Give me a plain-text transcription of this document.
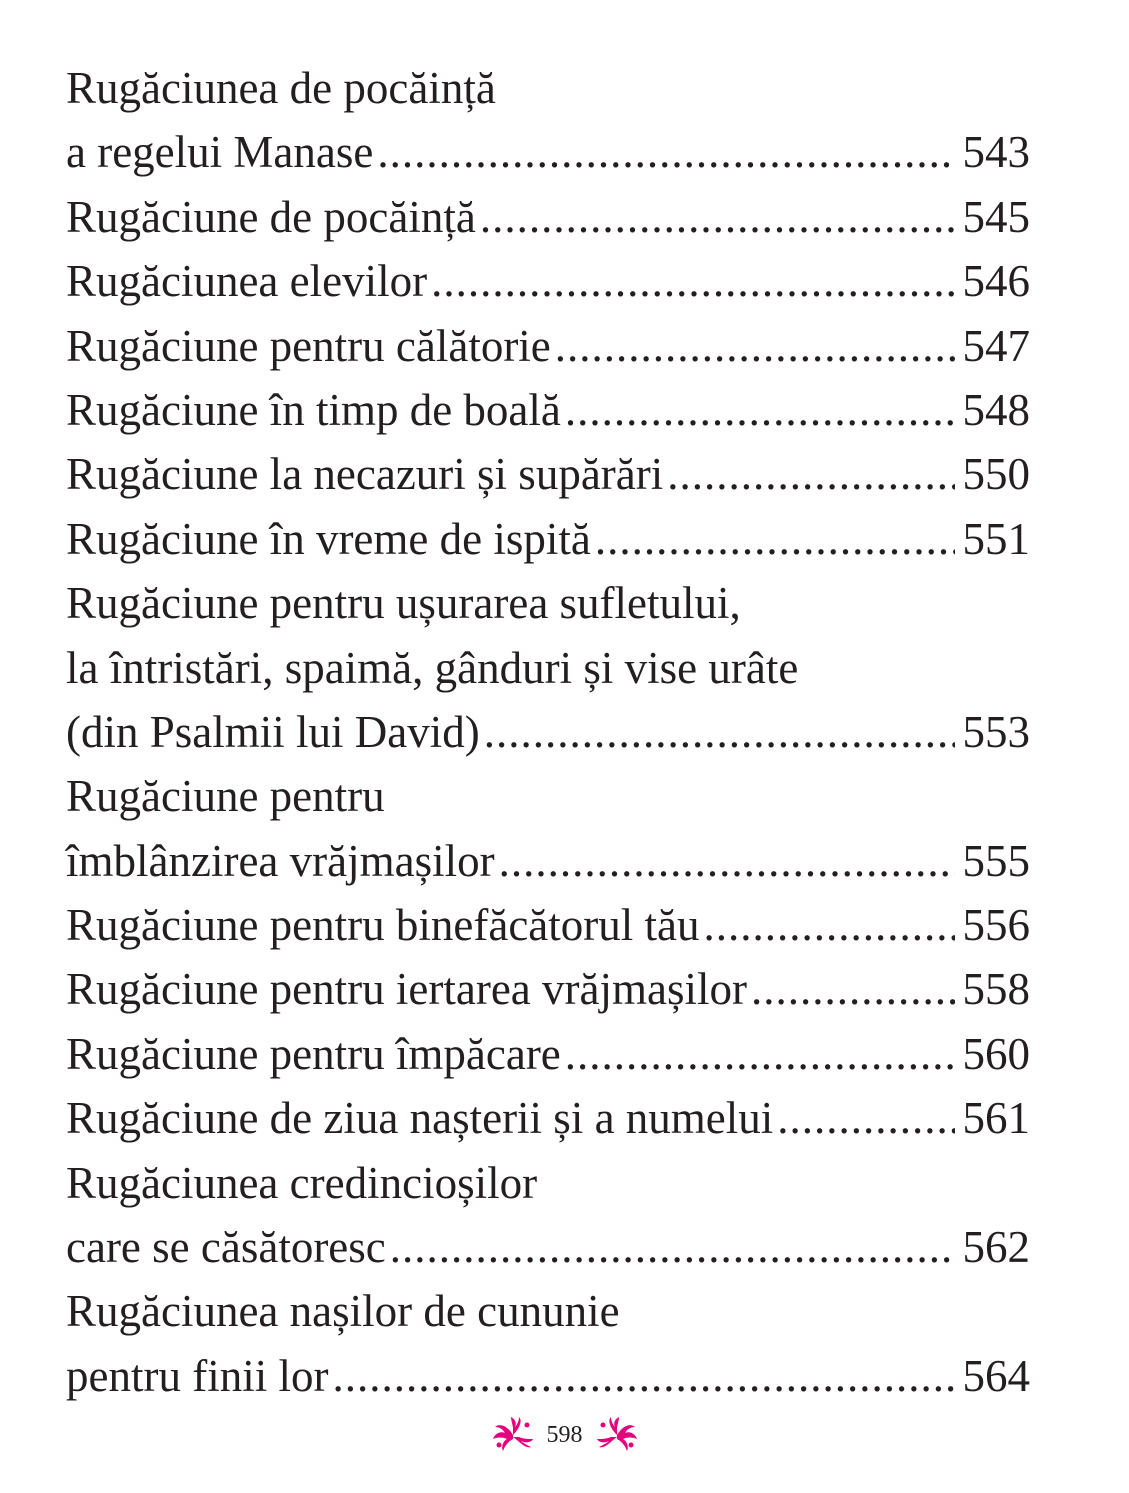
Rugăciunea de pocăință
a regelui Manase .....	543
Rugăciune de pocăință .....	545
Rugăciunea elevilor .....	546
Rugăciune pentru călătorie .....	547
Rugăciune în timp de boală .....	548
Rugăciune la necazuri și supărări .....	550
Rugăciune în vreme de ispită .....	551
Rugăciune pentru ușurarea sufletului,
la întristări, spaimă, gânduri și vise urâte
(din Psalmii lui David) .....	553
Rugăciune pentru
îmblânzirea vrăjmașilor .....	555
Rugăciune pentru binefăcătorul tău .....	556
Rugăciune pentru iertarea vrăjmașilor .....	558
Rugăciune pentru împăcare .....	560
Rugăciune de ziua nașterii și a numelui .....	561
Rugăciunea credincioșilor
care se căsătoresc .....	562
Rugăciunea nașilor de cununie
pentru finii lor .....	564
598
